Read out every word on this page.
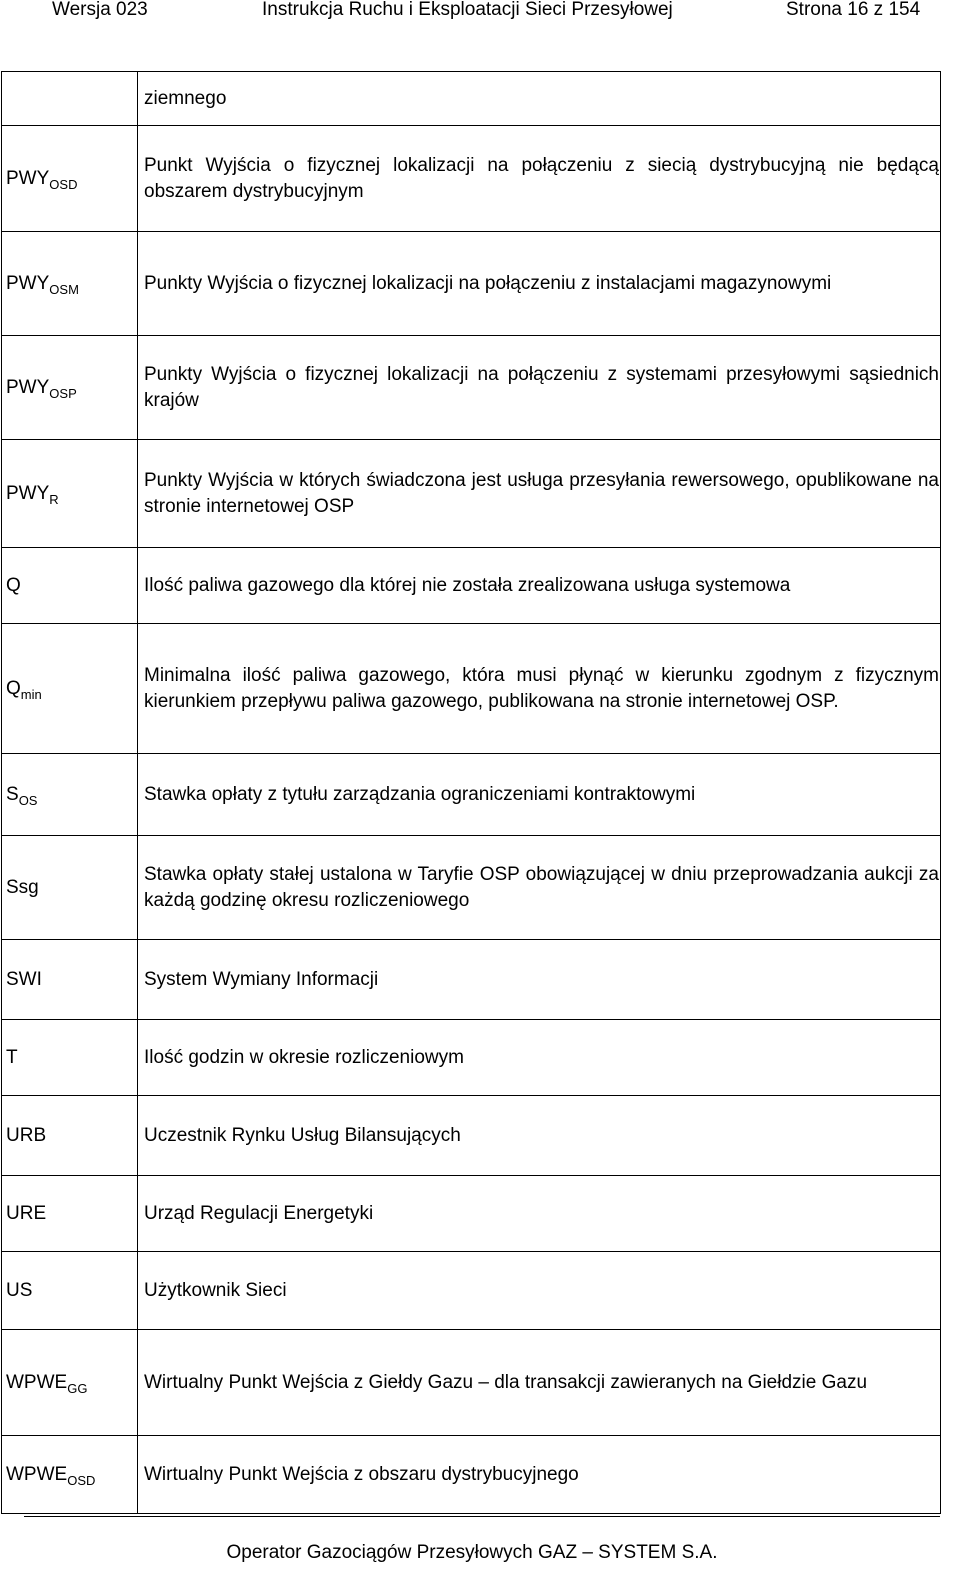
Wersja 023	Instrukcja Ruchu i Eksploatacji Sieci Przesyłowej	Strona 16 z 154
	ziemnego
$PWY_{OSD}$	Punkt Wyjścia o fizycznej lokalizacji na połączeniu z siecią dystrybucyjną nie będącą obszarem dystrybucyjnym
$PWY_{OSM}$	Punkty Wyjścia o fizycznej lokalizacji na połączeniu z instalacjami magazynowymi
$PWY_{OSP}$	Punkty Wyjścia o fizycznej lokalizacji na połączeniu z systemami przesyłowymi sąsiednich krajów
$PWY_R$	Punkty Wyjścia w których świadczona jest usługa przesyłania rewersowego, opublikowane na stronie internetowej OSP
Q	Ilość paliwa gazowego dla której nie została zrealizowana usługa systemowa
$Q_{min}$	Minimalna ilość paliwa gazowego, która musi płynąć w kierunku zgodnym z fizycznym kierunkiem przepływu paliwa gazowego, publikowana na stronie internetowej OSP.
$S_{OS}$	Stawka opłaty z tytułu zarządzania ograniczeniami kontraktowymi
Ssg	Stawka opłaty stałej ustalona w Taryfie OSP obowiązującej w dniu przeprowadzania aukcji za każdą godzinę okresu rozliczeniowego
SWI	System Wymiany Informacji
T	Ilość godzin w okresie rozliczeniowym
URB	Uczestnik Rynku Usług Bilansujących
URE	Urząd Regulacji Energetyki
US	Użytkownik Sieci
$WPWE_{GG}$	Wirtualny Punkt Wejścia z Giełdy Gazu – dla transakcji zawieranych na Giełdzie Gazu
$WPWE_{OSD}$	Wirtualny Punkt Wejścia z obszaru dystrybucyjnego
Operator Gazociągów Przesyłowych GAZ – SYSTEM S.A.
